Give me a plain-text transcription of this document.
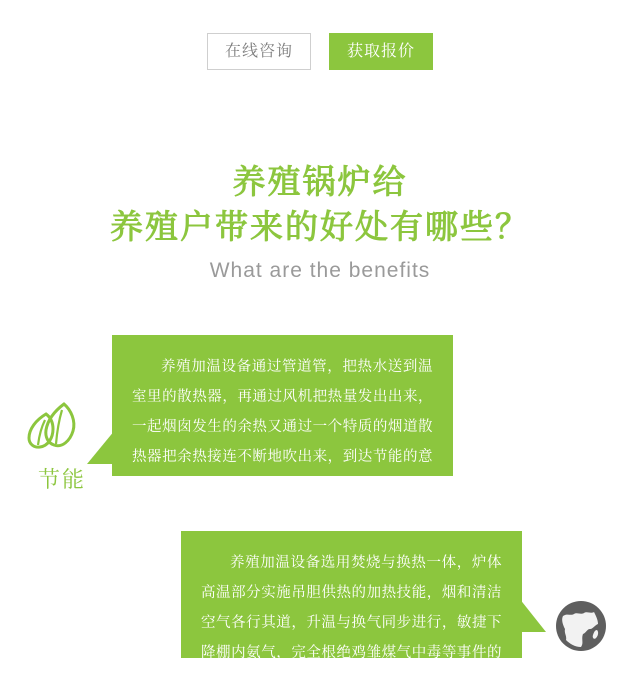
在线咨询	获取报价
养殖锅炉给
养殖户带来的好处有哪些？
What are the benefits
节能

养殖加温设备通过管道管，把热水送到温室里的散热器，再通过风机把热量发出出来，一起烟囱发生的余热又通过一个特质的烟道散热器把余热接连不断地吹出来，到达节能的意图。

养殖加温设备选用焚烧与换热一体，炉体高温部分实施吊胆供热的加热技能，烟和清洁空气各行其道，升温与换气同步进行，敏捷下降棚内氨气，完全根绝鸡雏煤气中毒等事件的发生。
